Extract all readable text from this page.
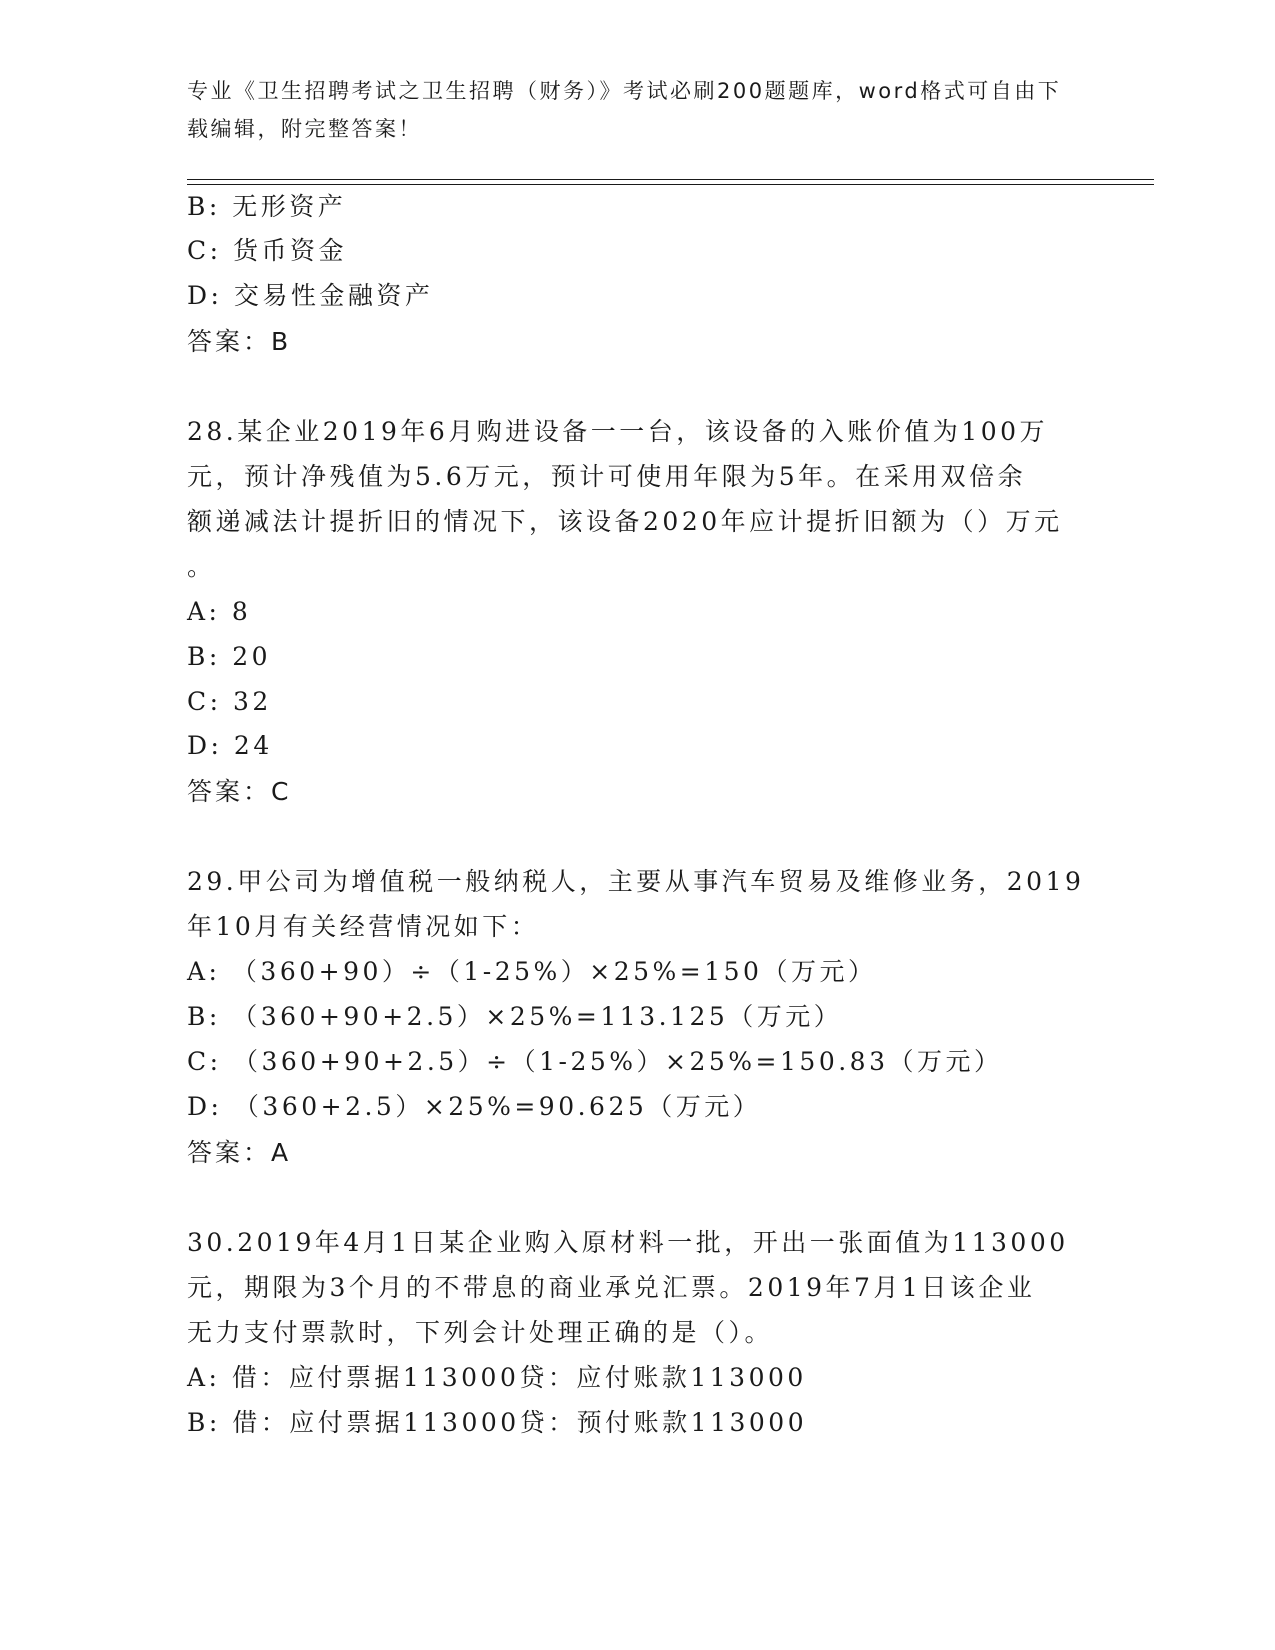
专业《卫生招聘考试之卫生招聘（财务）》考试必刷200题题库，word格式可自由下载编辑，附完整答案！
B: 无形资产
C: 货币资金
D: 交易性金融资产
答案：B
28.某企业2019年6月购进设备一一台，该设备的入账价值为100万
元，预计净残值为5.6万元，预计可使用年限为5年。在采用双倍余
额递减法计提折旧的情况下，该设备2020年应计提折旧额为（）万元
。
A: 8
B: 20
C: 32
D: 24
答案：C
29.甲公司为增值税一般纳税人，主要从事汽车贸易及维修业务，2019
年10月有关经营情况如下：
A: （360+90）÷（1-25%）×25%=150（万元）
B: （360+90+2.5）×25%=113.125（万元）
C: （360+90+2.5）÷（1-25%）×25%=150.83（万元）
D: （360+2.5）×25%=90.625（万元）
答案：A
30.2019年4月1日某企业购入原材料一批，开出一张面值为113000
元，期限为3个月的不带息的商业承兑汇票。2019年7月1日该企业
无力支付票款时，下列会计处理正确的是（）。
A: 借：应付票据113000贷：应付账款113000
B: 借：应付票据113000贷：预付账款113000
